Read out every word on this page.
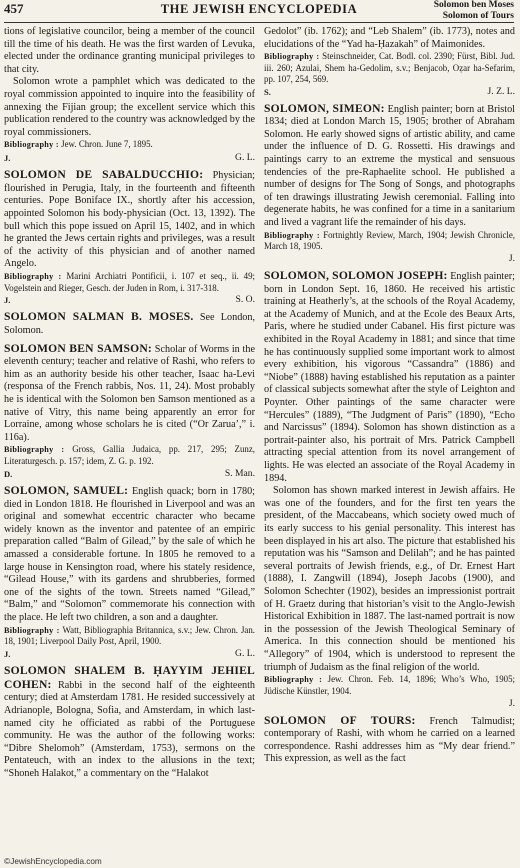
457	THE JEWISH ENCYCLOPEDIA	Solomon ben Moses
Solomon of Tours

tions of legislative councilor, being a member of the council till the time of his death. He was the first warden of Levuka, elected under the ordinance granting municipal privileges to that city.

Solomon wrote a pamphlet which was dedicated to the royal commission appointed to inquire into the feasibility of annexing the Fijian group; the excellent service which this publication rendered to the country was acknowledged by the royal commissioners.

Bibliography : Jew. Chron. June 7, 1895.

J.	G. L.

SOLOMON DE SABALDUCCHIO: Physician; flourished in Perugia, Italy, in the fourteenth and fifteenth centuries. Pope Boniface IX., shortly after his accession, appointed Solomon his body-physician (Oct. 13, 1392). The bull which this pope issued on April 15, 1402, and in which he granted the Jews certain rights and privileges, was a result of the activity of this physician and of another named Angelo.

Bibliography : Marini Archiatri Pontificii, i. 107 et seq., ii. 49; Vogelstein and Rieger, Gesch. der Juden in Rom, i. 317-318.

J.	S. O.

SOLOMON SALMAN B. MOSES. See London, Solomon.

SOLOMON BEN SAMSON: Scholar of Worms in the eleventh century; teacher and relative of Rashi, who refers to him as an authority beside his other teacher, Isaac ha-Levi (responsa of the French rabbis, Nos. 11, 24). Most probably he is identical with the Solomon ben Samson mentioned as a native of Vitry, this name being apparently an error for Lorraine, among whose scholars he is cited (“Or Zarua’,” i. 116a).

Bibliography : Gross, Gallia Judaica, pp. 217, 295; Zunz, Literaturgesch. p. 157; idem, Z. G. p. 192.

D.	S. Man.

SOLOMON, SAMUEL: English quack; born in 1780; died in London 1818. He flourished in Liverpool and was an original and somewhat eccentric character who became widely known as the inventor and patentee of an empiric preparation called “Balm of Gilead,” by the sale of which he amassed a considerable fortune. In 1805 he removed to a large house in Kensington road, where his stately residence, “Gilead House,” with its gardens and shrubberies, formed one of the sights of the town. Streets named “Gilead,” “Balm,” and “Solomon” commemorate his connection with the place. He left two children, a son and a daughter.

Bibliography : Watt, Bibliographia Britannica, s.v.; Jew. Chron. Jan. 18, 1901; Liverpool Daily Post, April, 1900.

J.	G. L.

SOLOMON SHALEM B. ḤAYYIM JEHIEL COHEN: Rabbi in the second half of the eighteenth century; died at Amsterdam 1781. He resided successively at Adrianople, Bologna, Sofia, and Amsterdam, in which last-named city he officiated as rabbi of the Portuguese community. He was the author of the following works: “Dibre Shelomoh” (Amsterdam, 1753), sermons on the Pentateuch, with an index to the allusions in the text; “Shoneh Halakot,” a commentary on the “Halakot

Gedolot” (ib. 1762); and “Leb Shalem” (ib. 1773), notes and elucidations of the “Yad ha-Ḥazakah” of Maimonides.

Bibliography : Steinschneider, Cat. Bodl. col. 2390; Fürst, Bibl. Jud. iii. 260; Azulai, Shem ha-Gedolim, s.v.; Benjacob, Oẓar ha-Sefarim, pp. 107, 254, 569.

S.	J. Z. L.

SOLOMON, SIMEON: English painter; born at Bristol 1834; died at London March 15, 1905; brother of Abraham Solomon. He early showed signs of artistic ability, and came under the influence of D. G. Rossetti. His drawings and paintings carry to an extreme the mystical and sensuous tendencies of the pre-Raphaelite school. He published a number of designs for The Song of Songs, and photographs of ten drawings illustrating Jewish ceremonial. Falling into degenerate habits, he was confined for a time in a sanitarium and lived a vagrant life the remainder of his days.

Bibliography : Fortnightly Review, March, 1904; Jewish Chronicle, March 18, 1905.

J.

SOLOMON, SOLOMON JOSEPH: English painter; born in London Sept. 16, 1860. He received his artistic training at Heatherly’s, at the schools of the Royal Academy, at the Academy of Munich, and at the Ecole des Beaux Arts, Paris, where he studied under Cabanel. His first picture was exhibited in the Royal Academy in 1881; and since that time he has continuously supplied some important work to almost every exhibition, his vigorous “Cassandra” (1886) and “Niobe” (1888) having established his reputation as a painter of classical subjects somewhat after the style of Leighton and Poynter. Other paintings of the same character were “Hercules” (1889), “The Judgment of Paris” (1890), “Echo and Narcissus” (1894). Solomon has shown distinction as a portrait-painter also, his portrait of Mrs. Patrick Campbell attracting special attention from its novel arrangement of lights. He was elected an associate of the Royal Academy in 1894.

Solomon has shown marked interest in Jewish affairs. He was one of the founders, and for the first ten years the president, of the Maccabeans, which society owed much of its early success to his genial personality. This interest has been displayed in his art also. The picture that established his reputation was his “Samson and Delilah”; and he has painted several portraits of Jewish friends, e.g., of Dr. Ernest Hart (1888), I. Zangwill (1894), Joseph Jacobs (1900), and Solomon Schechter (1902), besides an impressionist portrait of H. Graetz during that historian’s visit to the Anglo-Jewish Historical Exhibition in 1887. The last-named portrait is now in the possession of the Jewish Theological Seminary of America. In this connection should be mentioned his “Allegory” of 1904, which is understood to represent the triumph of Judaism as the final religion of the world.

Bibliography : Jew. Chron. Feb. 14, 1896; Who’s Who, 1905; Jüdische Künstler, 1904.

J.

SOLOMON OF TOURS: French Talmudist; contemporary of Rashi, with whom he carried on a learned correspondence. Rashi addresses him as “My dear friend.” This expression, as well as the fact

©JewishEncyclopedia.com
